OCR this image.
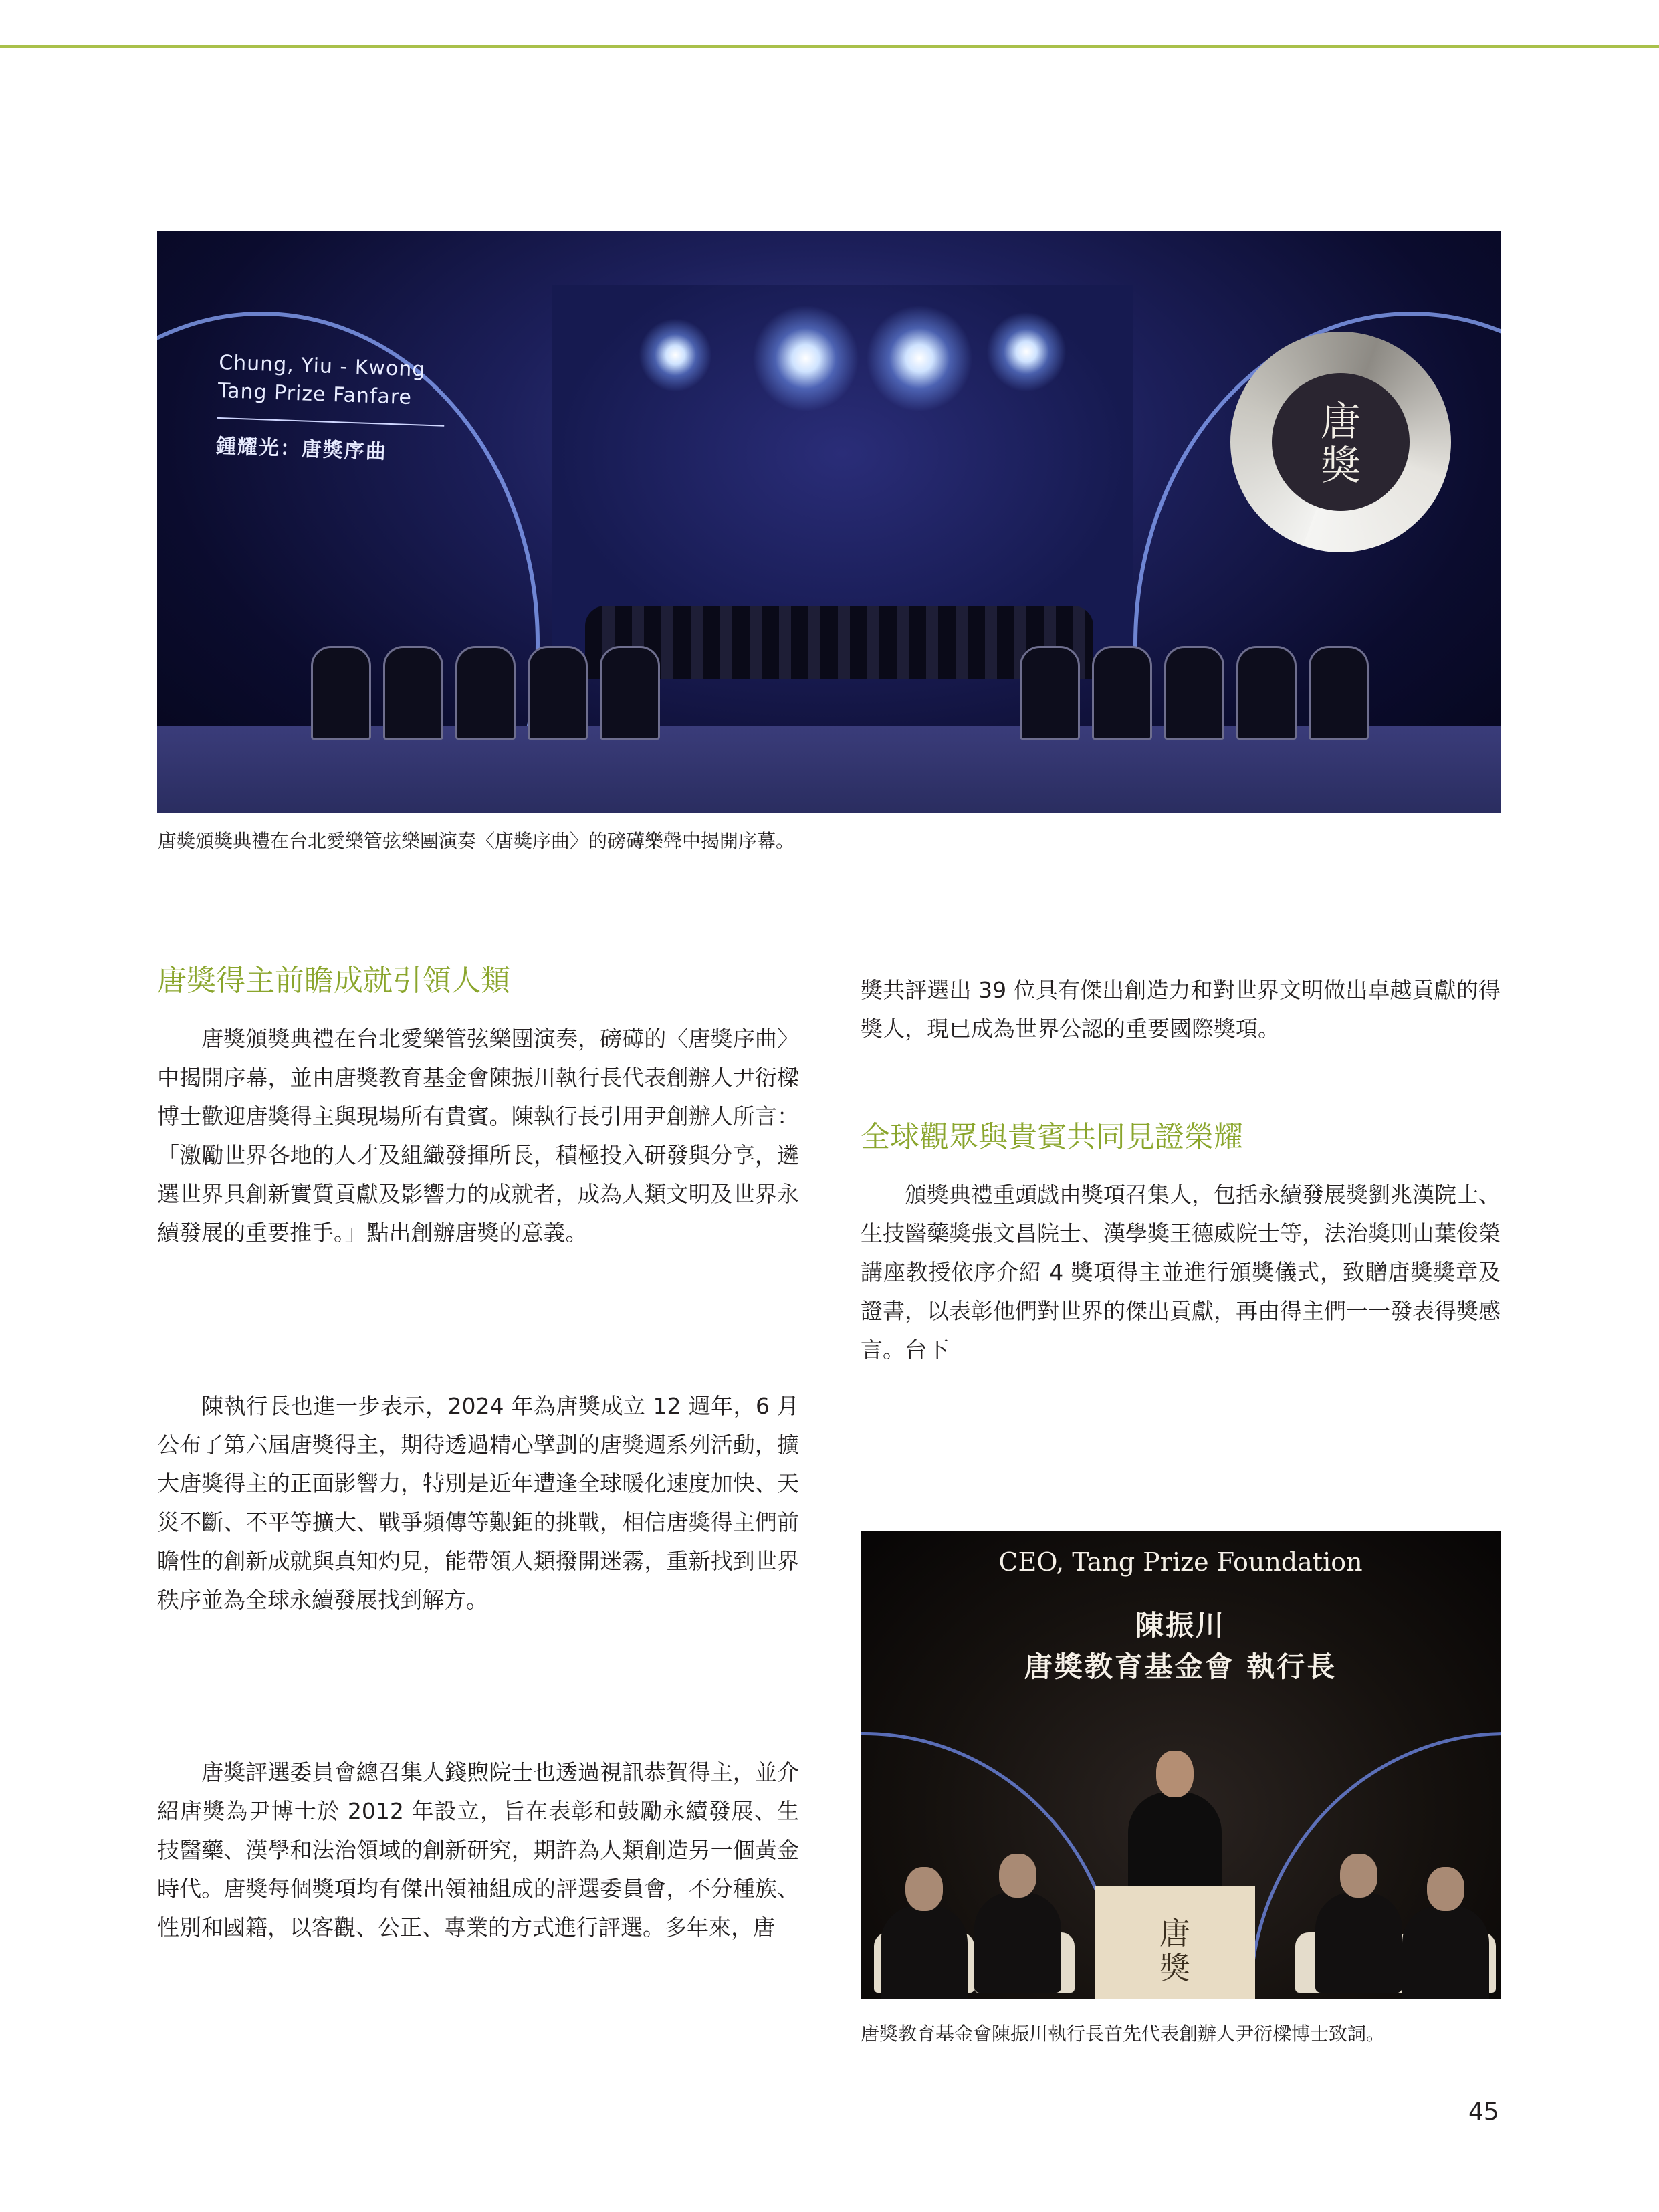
Chung, Yiu - Kwong
Tang Prize Fanfare
鍾耀光：唐獎序曲
唐
獎
唐獎頒獎典禮在台北愛樂管弦樂團演奏〈唐獎序曲〉的磅礡樂聲中揭開序幕。
唐獎得主前瞻成就引領人類

唐獎頒獎典禮在台北愛樂管弦樂團演奏，磅礡的〈唐獎序曲〉中揭開序幕，並由唐獎教育基金會陳振川執行長代表創辦人尹衍樑博士歡迎唐獎得主與現場所有貴賓。陳執行長引用尹創辦人所言：「激勵世界各地的人才及組織發揮所長，積極投入研發與分享，遴選世界具創新實質貢獻及影響力的成就者，成為人類文明及世界永續發展的重要推手。」點出創辦唐獎的意義。

陳執行長也進一步表示，2024 年為唐獎成立 12 週年，6 月公布了第六屆唐獎得主，期待透過精心擘劃的唐獎週系列活動，擴大唐獎得主的正面影響力，特別是近年遭逢全球暖化速度加快、天災不斷、不平等擴大、戰爭頻傳等艱鉅的挑戰，相信唐獎得主們前瞻性的創新成就與真知灼見，能帶領人類撥開迷霧，重新找到世界秩序並為全球永續發展找到解方。

唐獎評選委員會總召集人錢煦院士也透過視訊恭賀得主，並介紹唐獎為尹博士於 2012 年設立，旨在表彰和鼓勵永續發展、生技醫藥、漢學和法治領域的創新研究，期許為人類創造另一個黃金時代。唐獎每個獎項均有傑出領袖組成的評選委員會，不分種族、性別和國籍，以客觀、公正、專業的方式進行評選。多年來，唐

獎共評選出 39 位具有傑出創造力和對世界文明做出卓越貢獻的得獎人，現已成為世界公認的重要國際獎項。

全球觀眾與貴賓共同見證榮耀

頒獎典禮重頭戲由獎項召集人，包括永續發展獎劉兆漢院士、生技醫藥獎張文昌院士、漢學獎王德威院士等，法治獎則由葉俊榮講座教授依序介紹 4 獎項得主並進行頒獎儀式，致贈唐獎獎章及證書，以表彰他們對世界的傑出貢獻，再由得主們一一發表得獎感言。台下

CEO, Tang Prize Foundation
陳振川
唐獎教育基金會 執行長
唐
獎
唐獎教育基金會陳振川執行長首先代表創辦人尹衍樑博士致詞。
45
